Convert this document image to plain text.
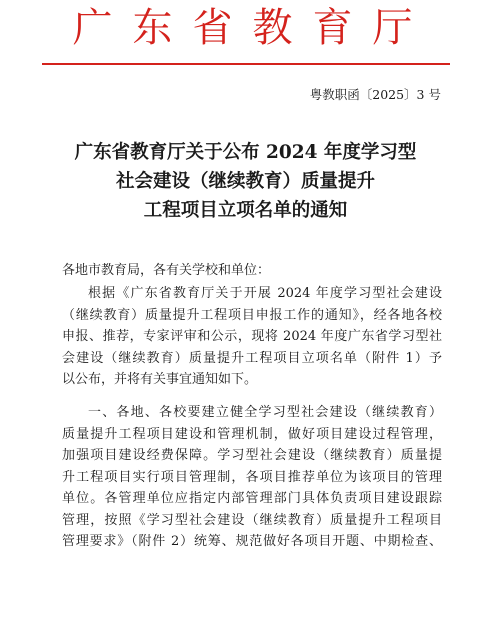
广东省教育厅
粤教职函〔2025〕3 号
广东省教育厅关于公布 2024 年度学习型
社会建设（继续教育）质量提升
工程项目立项名单的通知
各地市教育局，各有关学校和单位：
根据《广东省教育厅关于开展 2024 年度学习型社会建设
（继续教育）质量提升工程项目申报工作的通知》，经各地各校
申报、推荐，专家评审和公示，现将 2024 年度广东省学习型社
会建设（继续教育）质量提升工程项目立项名单（附件 1）予
以公布，并将有关事宜通知如下。
一、各地、各校要建立健全学习型社会建设（继续教育）
质量提升工程项目建设和管理机制，做好项目建设过程管理，
加强项目建设经费保障。学习型社会建设（继续教育）质量提
升工程项目实行项目管理制，各项目推荐单位为该项目的管理
单位。各管理单位应指定内部管理部门具体负责项目建设跟踪
管理，按照《学习型社会建设（继续教育）质量提升工程项目
管理要求》（附件 2）统筹、规范做好各项目开题、中期检查、
